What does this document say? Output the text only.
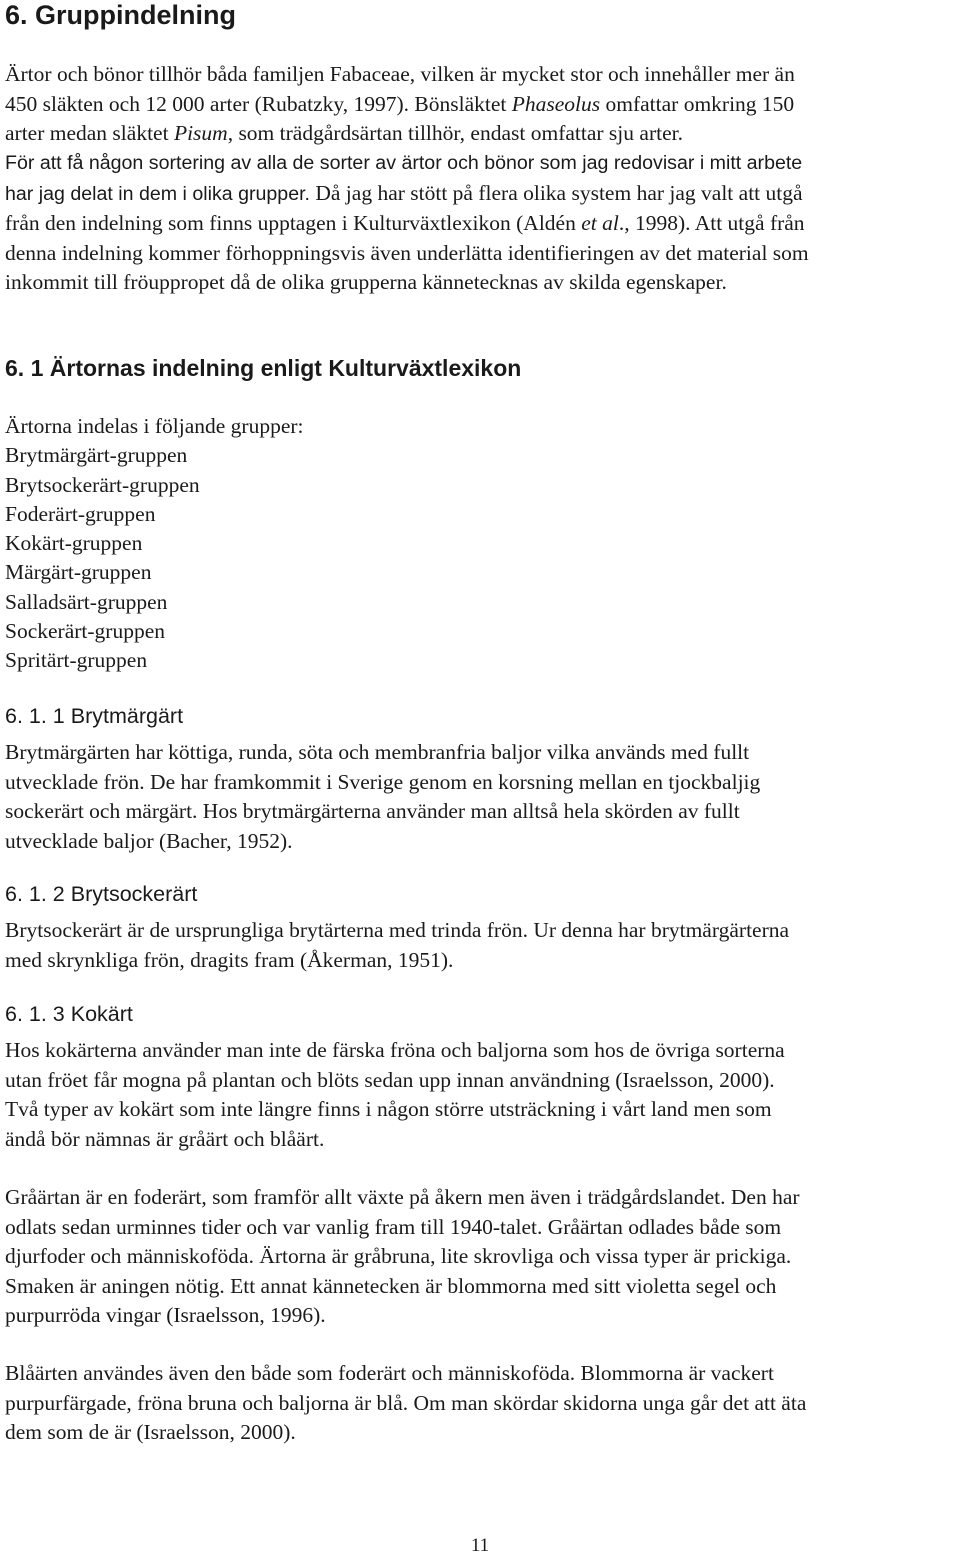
6. Gruppindelning
Ärtor och bönor tillhör båda familjen Fabaceae, vilken är mycket stor och innehåller mer än
450 släkten och 12 000 arter (Rubatzky, 1997). Bönsläktet Phaseolus omfattar omkring 150
arter medan släktet Pisum, som trädgårdsärtan tillhör, endast omfattar sju arter.
För att få någon sortering av alla de sorter av ärtor och bönor som jag redovisar i mitt arbete
har jag delat in dem i olika grupper. Då jag har stött på flera olika system har jag valt att utgå
från den indelning som finns upptagen i Kulturväxtlexikon (Aldén et al., 1998). Att utgå från
denna indelning kommer förhoppningsvis även underlätta identifieringen av det material som
inkommit till fröuppropet då de olika grupperna kännetecknas av skilda egenskaper.
6. 1 Ärtornas indelning enligt Kulturväxtlexikon
Ärtorna indelas i följande grupper:
Brytmärgärt-gruppen
Brytsockerärt-gruppen
Foderärt-gruppen
Kokärt-gruppen
Märgärt-gruppen
Salladsärt-gruppen
Sockerärt-gruppen
Spritärt-gruppen
6. 1. 1 Brytmärgärt
Brytmärgärten har köttiga, runda, söta och membranfria baljor vilka används med fullt
utvecklade frön. De har framkommit i Sverige genom en korsning mellan en tjockbaljig
sockerärt och märgärt. Hos brytmärgärterna använder man alltså hela skörden av fullt
utvecklade baljor (Bacher, 1952).
6. 1. 2 Brytsockerärt
Brytsockerärt är de ursprungliga brytärterna med trinda frön. Ur denna har brytmärgärterna
med skrynkliga frön, dragits fram (Åkerman, 1951).
6. 1. 3 Kokärt
Hos kokärterna använder man inte de färska fröna och baljorna som hos de övriga sorterna
utan fröet får mogna på plantan och blöts sedan upp innan användning (Israelsson, 2000).
Två typer av kokärt som inte längre finns i någon större utsträckning i vårt land men som
ändå bör nämnas är gråärt och blåärt.
Gråärtan är en foderärt, som framför allt växte på åkern men även i trädgårdslandet. Den har
odlats sedan urminnes tider och var vanlig fram till 1940-talet. Gråärtan odlades både som
djurfoder och människoföda. Ärtorna är gråbruna, lite skrovliga och vissa typer är prickiga.
Smaken är aningen nötig. Ett annat kännetecken är blommorna med sitt violetta segel och
purpurröda vingar (Israelsson, 1996).
Blåärten användes även den både som foderärt och människoföda. Blommorna är vackert
purpurfärgade, fröna bruna och baljorna är blå. Om man skördar skidorna unga går det att äta
dem som de är (Israelsson, 2000).
11
